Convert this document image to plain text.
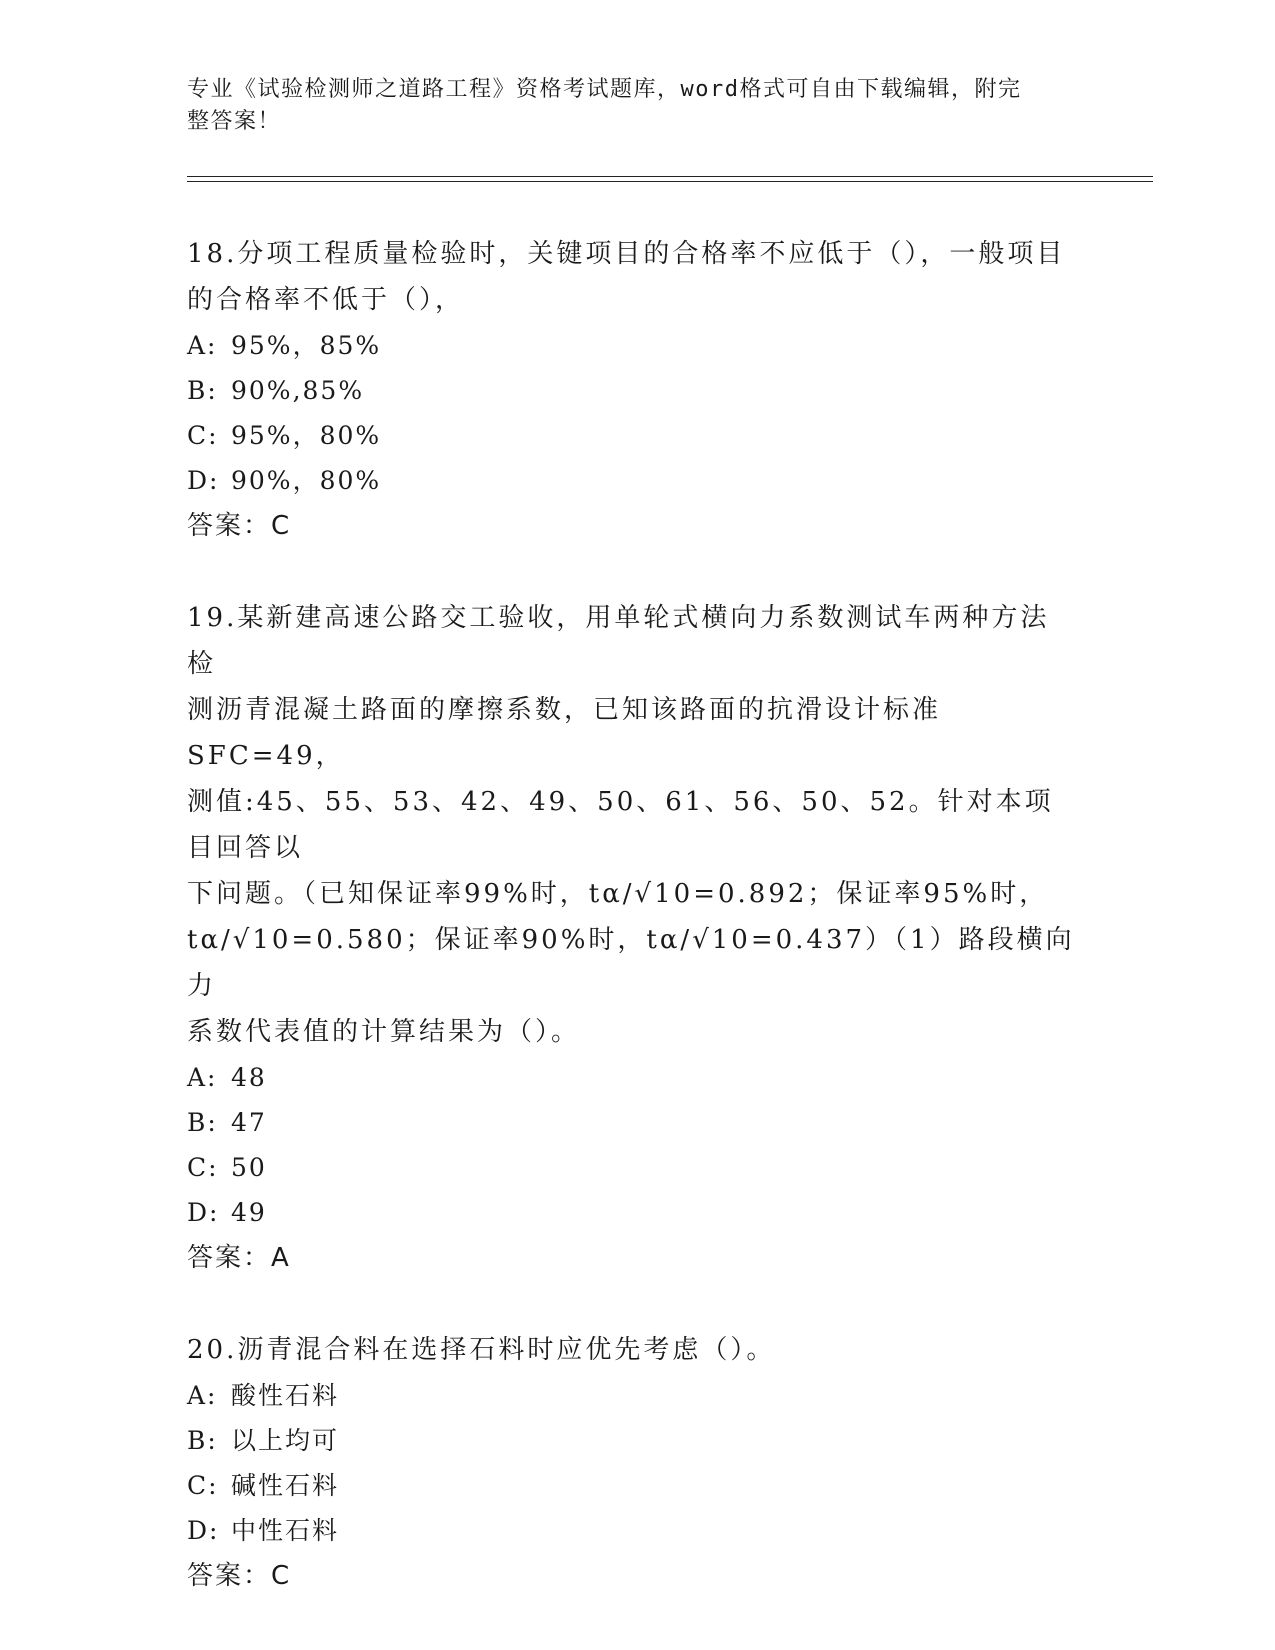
专业《试验检测师之道路工程》资格考试题库，word格式可自由下载编辑，附完
整答案！

18.分项工程质量检验时，关键项目的合格率不应低于（），一般项目

的合格率不低于（），

A: 95%，85%

B: 90%,85%

C: 95%，80%

D: 90%，80%

答案：C

19.某新建高速公路交工验收，用单轮式横向力系数测试车两种方法检

测沥青混凝土路面的摩擦系数，已知该路面的抗滑设计标准SFC=49，

测值:45、55、53、42、49、50、61、56、50、52。针对本项目回答以

下问题。（已知保证率99%时，tα/√10=0.892；保证率95%时，

tα/√10=0.580；保证率90%时，tα/√10=0.437）（1）路段横向力

系数代表值的计算结果为（）。

A: 48

B: 47

C: 50

D: 49

答案：A

20.沥青混合料在选择石料时应优先考虑（）。

A: 酸性石料

B: 以上均可

C: 碱性石料

D: 中性石料

答案：C
